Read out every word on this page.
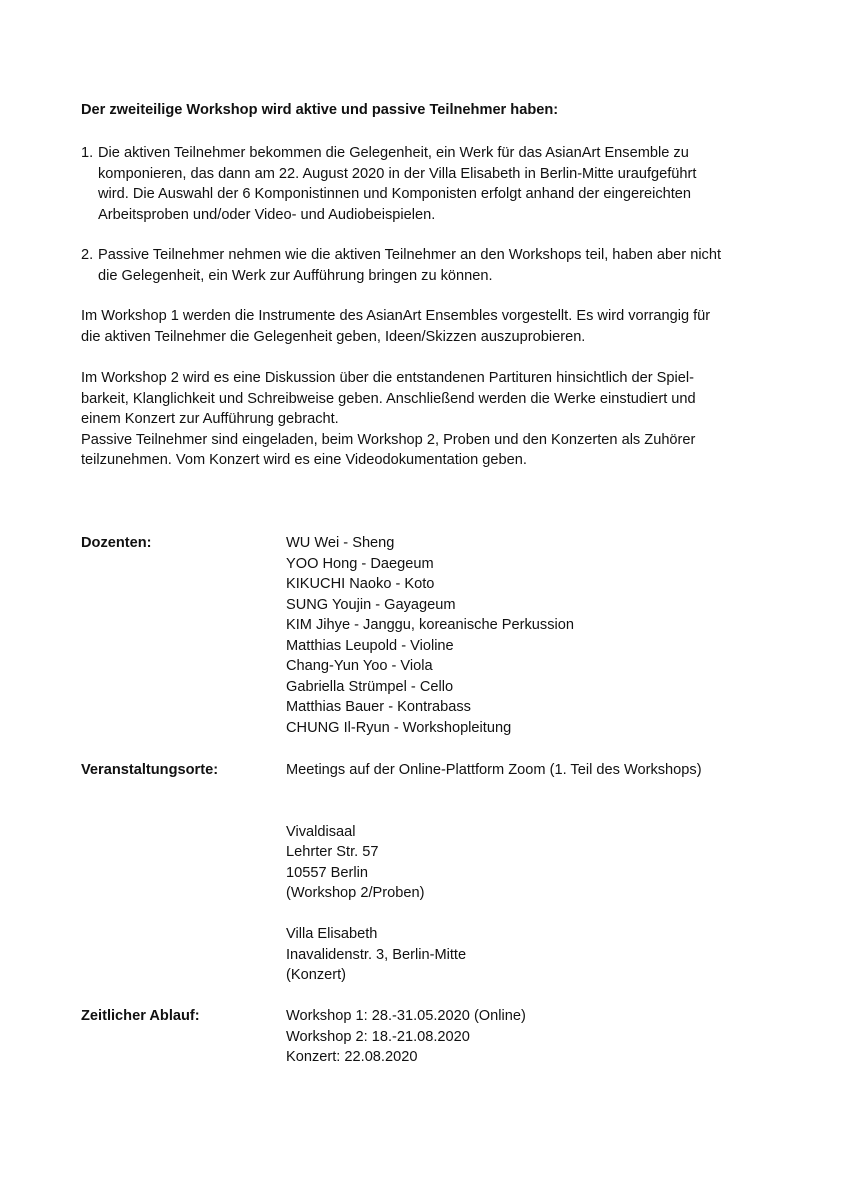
Der zweiteilige Workshop wird aktive und passive Teilnehmer haben:
1. Die aktiven Teilnehmer bekommen die Gelegenheit, ein Werk für das AsianArt Ensemble zu
komponieren, das dann am 22. August 2020 in der Villa Elisabeth in Berlin-Mitte uraufgeführt
wird. Die Auswahl der 6 Komponistinnen und Komponisten erfolgt anhand der eingereichten
Arbeitsproben und/oder Video- und Audiobeispielen.
2. Passive Teilnehmer nehmen wie die aktiven Teilnehmer an den Workshops teil, haben aber nicht
die Gelegenheit, ein Werk zur Aufführung bringen zu können.

Im Workshop 1 werden die Instrumente des AsianArt Ensembles vorgestellt. Es wird vorrangig für

die aktiven Teilnehmer die Gelegenheit geben, Ideen/Skizzen auszuprobieren.

Im Workshop 2 wird es eine Diskussion über die entstandenen Partituren hinsichtlich der Spiel-

barkeit, Klanglichkeit und Schreibweise geben. Anschließend werden die Werke einstudiert und

einem Konzert zur Aufführung gebracht.

Passive Teilnehmer sind eingeladen, beim Workshop 2, Proben und den Konzerten als Zuhörer

teilzunehmen. Vom Konzert wird es eine Videodokumentation geben.

Dozenten:	WU Wei - Sheng
YOO Hong - Daegeum
KIKUCHI Naoko - Koto
SUNG Youjin - Gayageum
KIM Jihye - Janggu, koreanische Perkussion
Matthias Leupold - Violine
Chang-Yun Yoo - Viola
Gabriella Strümpel - Cello
Matthias Bauer - Kontrabass
CHUNG Il-Ryun - Workshopleitung
Veranstaltungsorte:	Meetings auf der Online-Plattform Zoom (1. Teil des Workshops)
Vivaldisaal
Lehrter Str. 57
10557 Berlin
(Workshop 2/Proben)
Villa Elisabeth
Inavalidenstr. 3, Berlin-Mitte
(Konzert)
Zeitlicher Ablauf:	Workshop 1: 28.-31.05.2020 (Online)
Workshop 2: 18.-21.08.2020
Konzert: 22.08.2020
